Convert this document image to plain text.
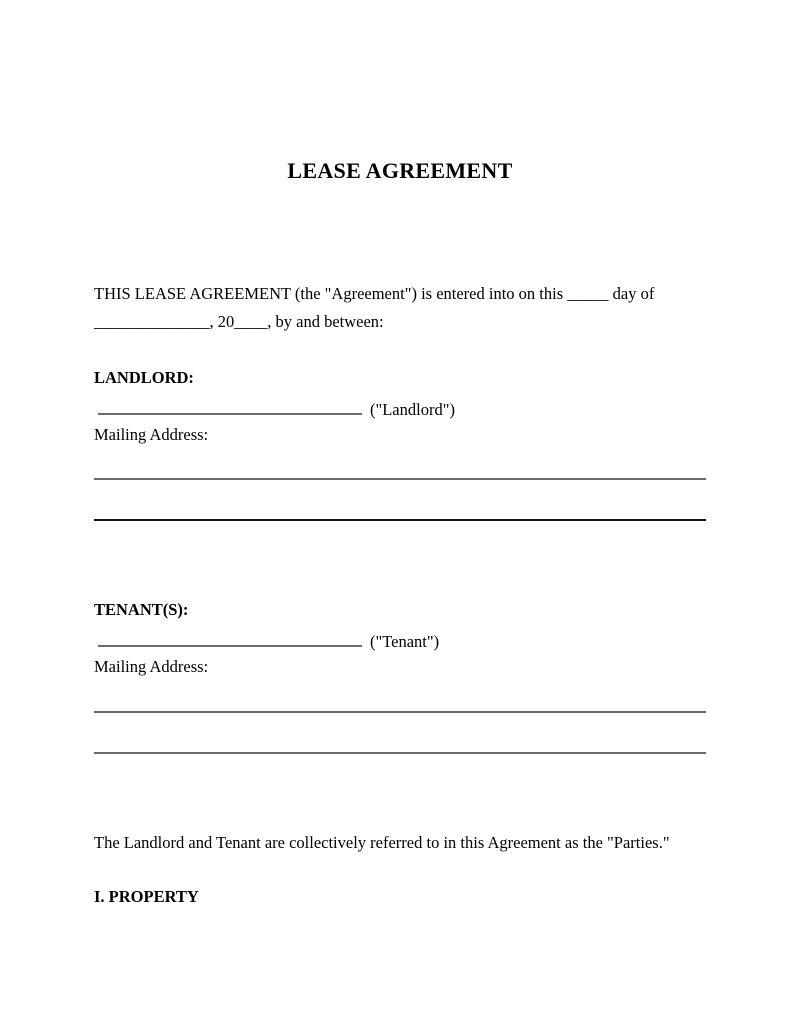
LEASE AGREEMENT
THIS LEASE AGREEMENT (the "Agreement") is entered into on this _____ day of
______________, 20____, by and between:
LANDLORD:
("Landlord")
Mailing Address:
TENANT(S):
("Tenant")
Mailing Address:
The Landlord and Tenant are collectively referred to in this Agreement as the "Parties."
I. PROPERTY
